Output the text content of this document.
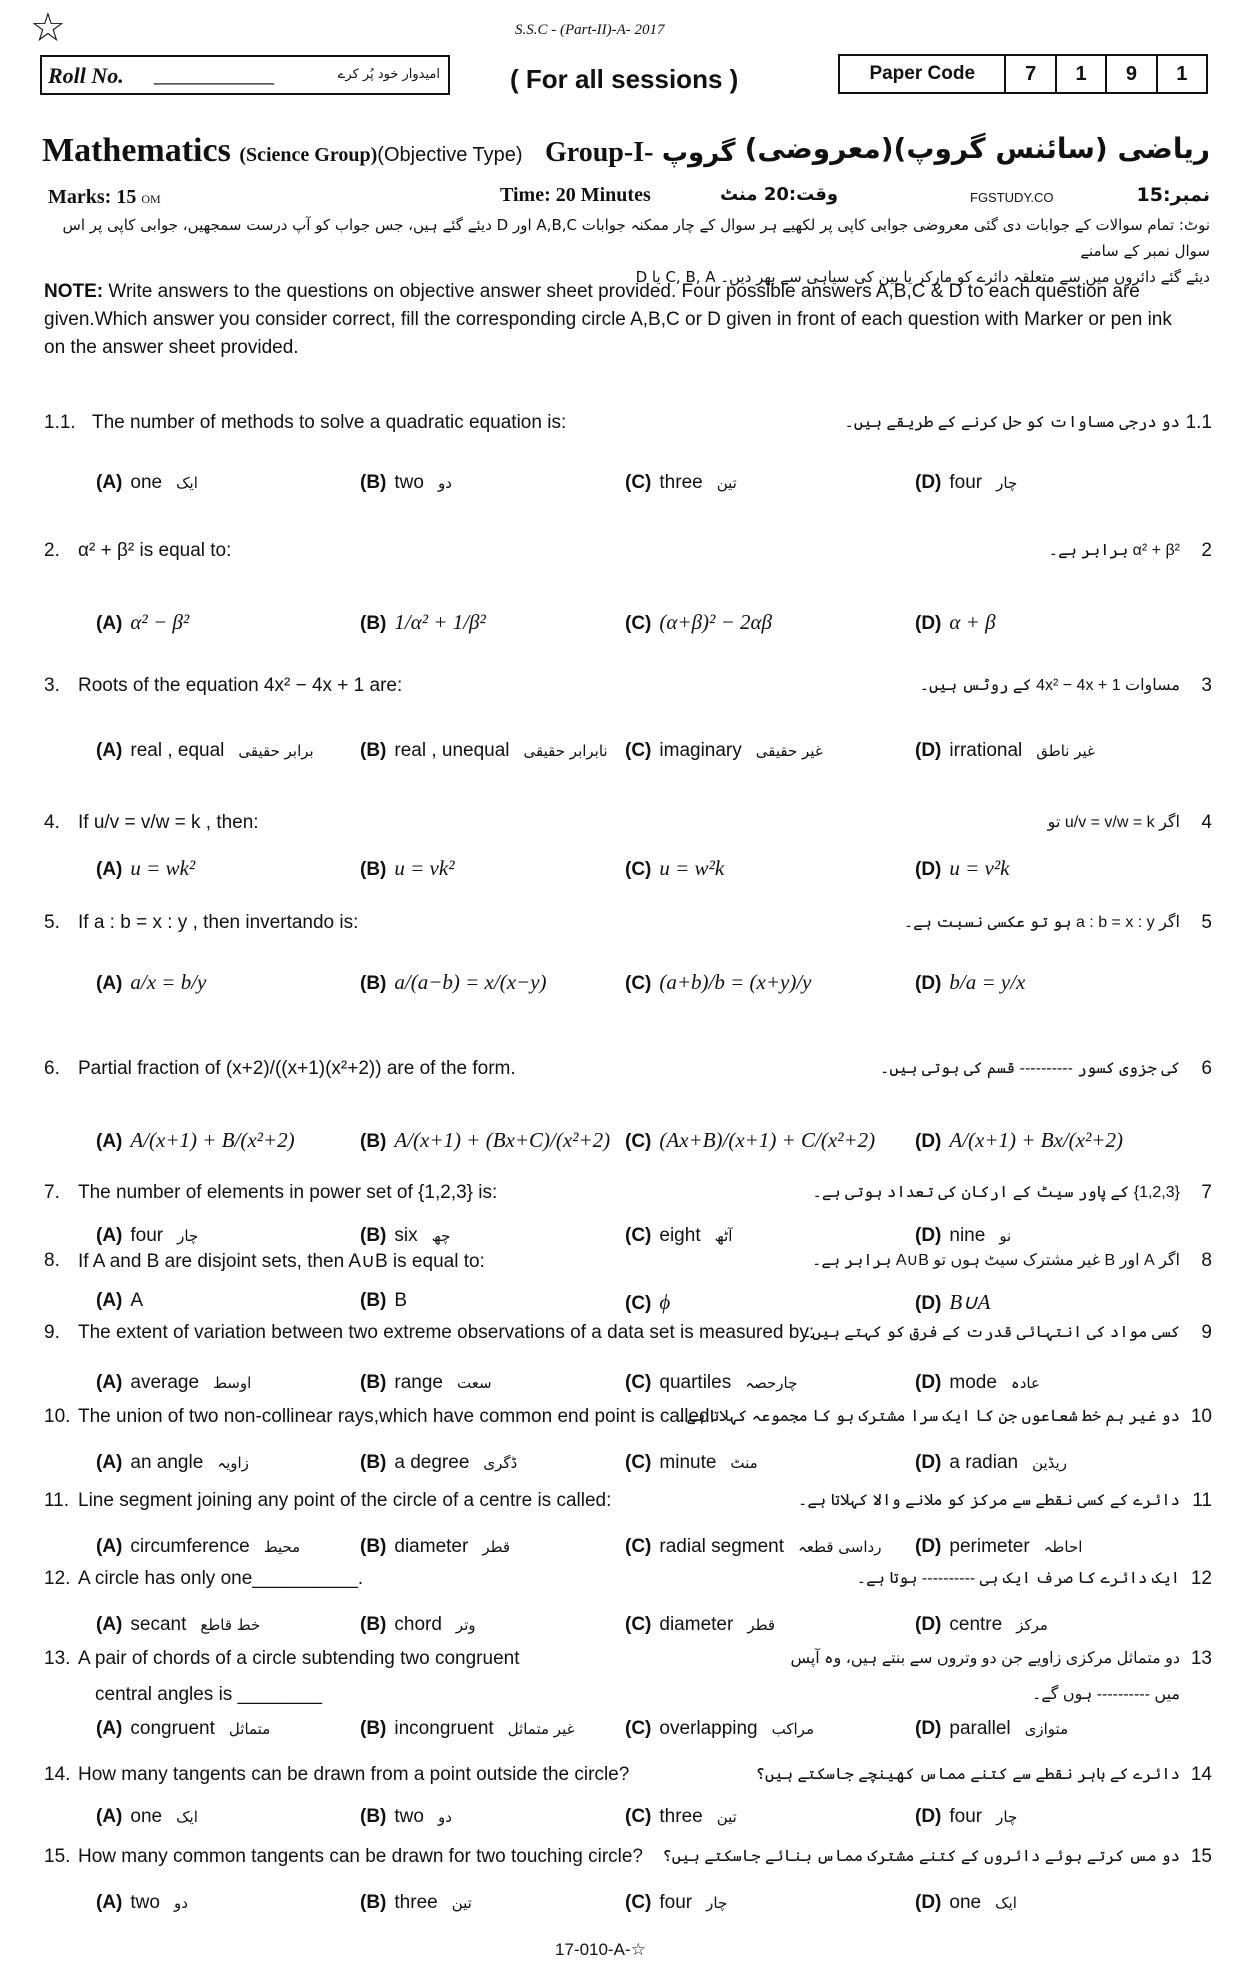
☆	S.S.C - (Part-II)-A- 2017
Roll No. ____________	امیدوار خود پُر کرے	( For all sessions )	Paper Code	7	1	9	1
Mathematics (Science Group)(Objective Type) Group-I- گروپ ریاضی (سائنس گروپ)(معروضی)
Marks: 15 OM	Time: 20 Minutes	وقت:20 منٹ	FGSTUDY.CO	نمبر:15
نوٹ: تمام سوالات کے جوابات دی گئی معروضی جوابی کاپی پر لکھیے ہر سوال کے چار ممکنہ جوابات A,B,C اور D دیئے گئے ہیں، جس جواب کو آپ درست سمجھیں، جوابی کاپی پر اس سوال نمبر کے سامنے
دیئے گئے دائروں میں سے متعلقہ دائرے کو مارکر یا پین کی سیاہی سے بھر دیں۔ C, B, A یا D
NOTE: Write answers to the questions on objective answer sheet provided. Four possible answers A,B,C & D to each question are given.Which answer you consider correct, fill the corresponding circle A,B,C or D given in front of each question with Marker or pen ink on the answer sheet provided.
1.1. The number of methods to solve a quadratic equation is:	دو درجی مساوات کو حل کرنے کے طریقے ہیں۔ 1.1
(A) one ایک	(B) two دو	(C) three تین	(D) four چار
2. α² + β² is equal to:	α² + β² برابر ہے۔ 2
(A) α² − β²	(B) 1/α² + 1/β²	(C) (α+β)² − 2αβ	(D) α + β
3. Roots of the equation 4x² − 4x + 1 are:	مساوات 4x² − 4x + 1 کے روٹس ہیں۔ 3
(A) real , equal برابر حقیقی (B) real , unequal نابرابر حقیقی (C) imaginary غیر حقیقی	(D) irrational غیر ناطق
4. If u/v = v/w = k , then:	اگر u/v = v/w = k تو 4
(A) u = wk²	(B) u = vk²	(C) u = w²k	(D) u = v²k
5. If a : b = x : y , then invertando is:	اگر a : b = x : y ہو تو عکسی نسبت ہے۔ 5
(A) a/x = b/y	(B) a/(a−b) = x/(x−y)	(C) (a+b)/b = (x+y)/y	(D) b/a = y/x
6. Partial fraction of (x+2)/((x+1)(x²+2)) are of the form.	کی جزوی کسور ---------- قسم کی ہوتی ہیں۔ 6
(A) A/(x+1) + B/(x²+2)	(B) A/(x+1) + (Bx+C)/(x²+2) (C) (Ax+B)/(x+1) + C/(x²+2) (D) A/(x+1) + Bx/(x²+2)
7. The number of elements in power set of {1,2,3} is:	{1,2,3} کے پاور سیٹ کے ارکان کی تعداد ہوتی ہے۔ 7
(A) four چار	(B) six چھ	(C) eight آٹھ	(D) nine نو
8. If A and B are disjoint sets, then A∪B is equal to:	اگر A اور B غیر مشترک سیٹ ہوں تو A∪B برابر ہے۔ 8
(A) A	(B) B	(C) ϕ	(D) B∪A
9. The extent of variation between two extreme observations of a data set is measured by:
کسی مواد کی انتہائی قدرت کے فرق کو کہتے ہیں۔ 9
(A) average اوسط	(B) range سعت	(C) quartiles چارحصہ	(D) mode عادہ
10. The union of two non-collinear rays,which have common end point is called:
دو غیر ہم خط شعاعوں جن کا ایک سرا مشترک ہو کا مجموعہ کہلاتا ہے۔ 10
(A) an angle زاویہ	(B) a degree ڈگری	(C) minute منٹ	(D) a radian ریڈین
11. Line segment joining any point of the circle of a centre is called:	دائرے کے کسی نقطے سے مرکز کو ملانے والا کہلاتا ہے۔ 11
(A) circumference محیط	(B) diameter قطر	(C) radial segment رداسی قطعہ (D) perimeter احاطہ
12. A circle has only one__________.	ایک دائرے کا صرف ایک ہی ---------- ہوتا ہے۔ 12
(A) secant خط قاطع	(B) chord وتر	(C) diameter قطر	(D) centre مرکز
13. A pair of chords of a circle subtending two congruent
central angles is ________
دو متماثل مرکزی زاویے جن دو وتروں سے بنتے ہیں، وہ آپس
میں ---------- ہوں گے۔
13
(A) congruent متماثل	(B) incongruent غیر متماثل	(C) overlapping مراکب	(D) parallel متوازی
14. How many tangents can be drawn from a point outside the circle?	دائرے کے باہر نقطے سے کتنے مماس کھینچے جاسکتے ہیں؟ 14
(A) one ایک	(B) two دو	(C) three تین	(D) four چار
15. How many common tangents can be drawn for two touching circle? دو مس کرتے ہوئے دائروں کے کتنے مشترک مماس بنائے جاسکتے ہیں؟ 15
(A) two دو	(B) three تین	(C) four چار	(D) one ایک
17-010-A-☆
